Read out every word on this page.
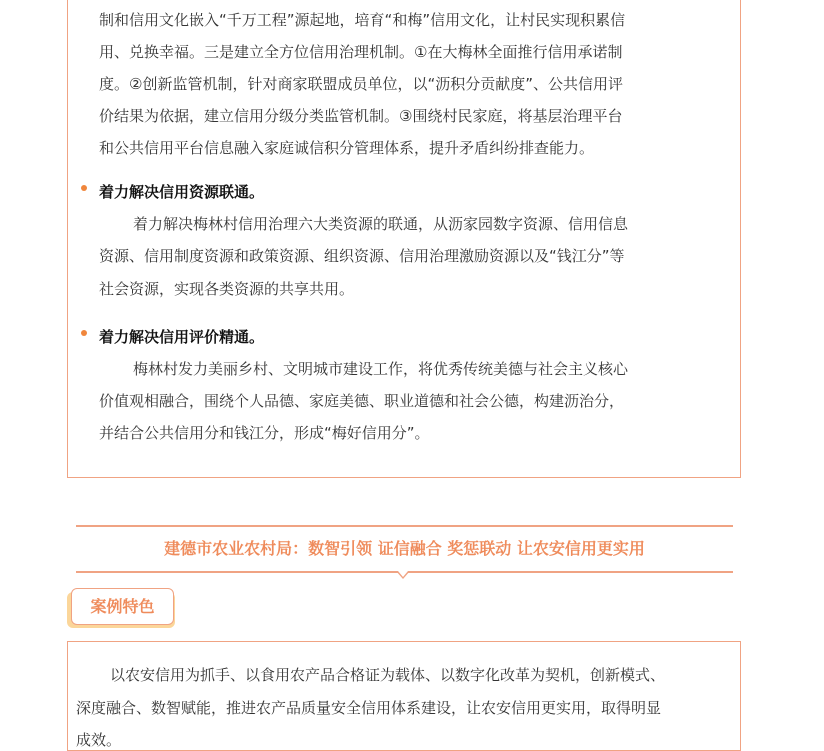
制和信用文化嵌入“千万工程”源起地，培育“和梅”信用文化，让村民实现积累信
用、兑换幸福。三是建立全方位信用治理机制。①在大梅林全面推行信用承诺制
度。②创新监管机制，针对商家联盟成员单位，以“沥积分贡献度”、公共信用评
价结果为依据，建立信用分级分类监管机制。③围绕村民家庭，将基层治理平台
和公共信用平台信息融入家庭诚信积分管理体系，提升矛盾纠纷排查能力。
着力解决信用资源联通。
着力解决梅林村信用治理六大类资源的联通，从沥家园数字资源、信用信息
资源、信用制度资源和政策资源、组织资源、信用治理激励资源以及“钱江分”等
社会资源，实现各类资源的共享共用。
着力解决信用评价精通。
梅林村发力美丽乡村、文明城市建设工作，将优秀传统美德与社会主义核心
价值观相融合，围绕个人品德、家庭美德、职业道德和社会公德，构建沥治分，
并结合公共信用分和钱江分，形成“梅好信用分”。
建德市农业农村局：数智引领 证信融合 奖惩联动 让农安信用更实用
案例特色
以农安信用为抓手、以食用农产品合格证为载体、以数字化改革为契机，创新模式、
深度融合、数智赋能，推进农产品质量安全信用体系建设，让农安信用更实用，取得明显
成效。
